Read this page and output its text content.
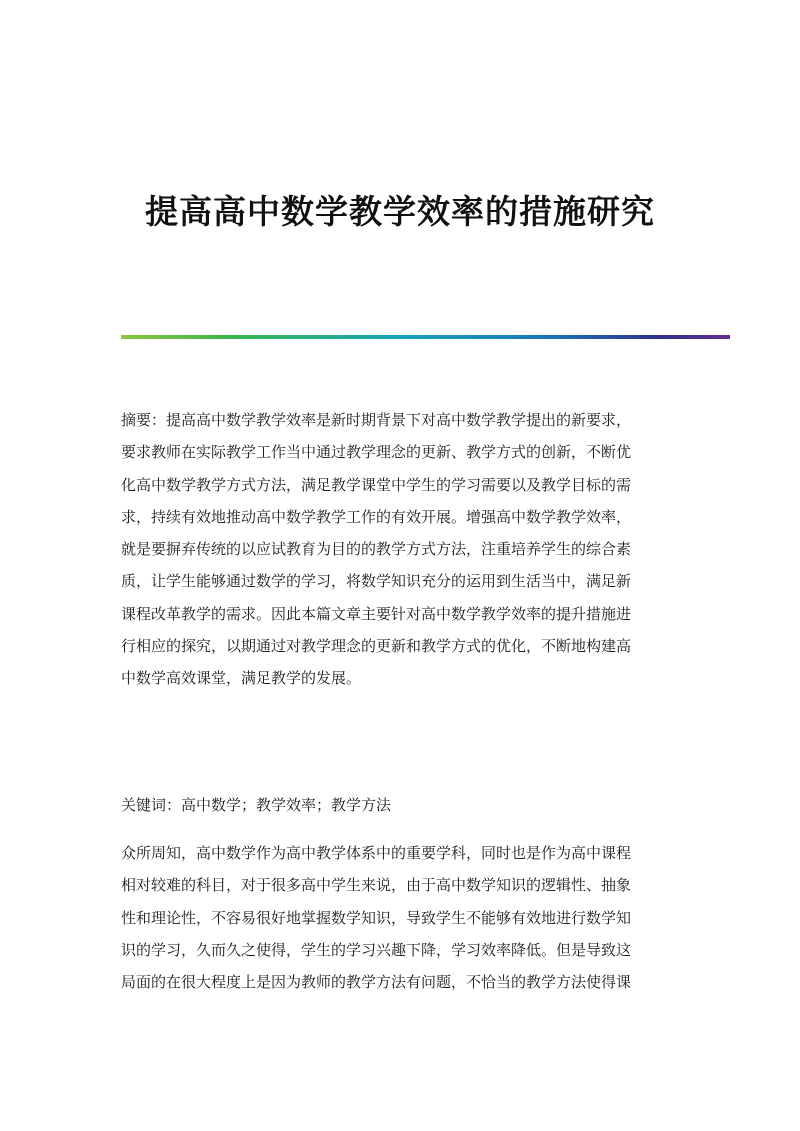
提高高中数学教学效率的措施研究
摘要：提高高中数学教学效率是新时期背景下对高中数学教学提出的新要求，
要求教师在实际教学工作当中通过教学理念的更新、教学方式的创新，不断优
化高中数学教学方式方法，满足教学课堂中学生的学习需要以及教学目标的需
求，持续有效地推动高中数学教学工作的有效开展。增强高中数学教学效率，
就是要摒弃传统的以应试教育为目的的教学方式方法，注重培养学生的综合素
质，让学生能够通过数学的学习，将数学知识充分的运用到生活当中，满足新
课程改革教学的需求。因此本篇文章主要针对高中数学教学效率的提升措施进
行相应的探究，以期通过对教学理念的更新和教学方式的优化，不断地构建高
中数学高效课堂，满足教学的发展。
关键词：高中数学；教学效率；教学方法
众所周知，高中数学作为高中教学体系中的重要学科，同时也是作为高中课程
相对较难的科目，对于很多高中学生来说，由于高中数学知识的逻辑性、抽象
性和理论性，不容易很好地掌握数学知识，导致学生不能够有效地进行数学知
识的学习，久而久之使得，学生的学习兴趣下降，学习效率降低。但是导致这
局面的在很大程度上是因为教师的教学方法有问题，不恰当的教学方法使得课
